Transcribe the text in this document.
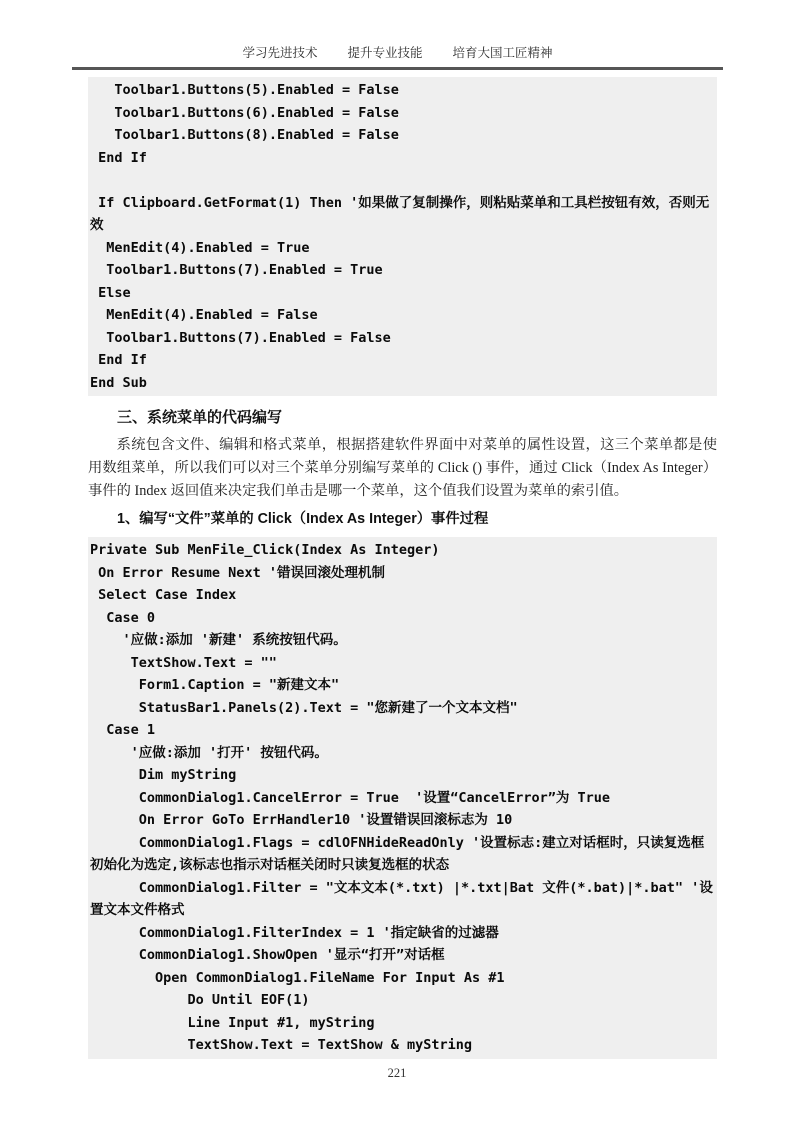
学习先进技术 提升专业技能 培育大国工匠精神
Toolbar1.Buttons(5).Enabled = False
Toolbar1.Buttons(6).Enabled = False
Toolbar1.Buttons(8).Enabled = False
End If
If Clipboard.GetFormat(1) Then '如果做了复制操作，则粘贴菜单和工具栏按钮有效，否则无效
MenEdit(4).Enabled = True
Toolbar1.Buttons(7).Enabled = True
Else
MenEdit(4).Enabled = False
Toolbar1.Buttons(7).Enabled = False
End If
End Sub
三、系统菜单的代码编写

系统包含文件、编辑和格式菜单，根据搭建软件界面中对菜单的属性设置，这三个菜单都是使用数组菜单，所以我们可以对三个菜单分别编写菜单的 Click () 事件，通过 Click（Index As Integer）事件的 Index 返回值来决定我们单击是哪一个菜单，这个值我们设置为菜单的索引值。

1、编写“文件”菜单的 Click（Index As Integer）事件过程
Private Sub MenFile_Click(Index As Integer)
On Error Resume Next '错误回滚处理机制
Select Case Index
Case 0
'应做:添加 '新建' 系统按钮代码。
TextShow.Text = ""
Form1.Caption = "新建文本"
StatusBar1.Panels(2).Text = "您新建了一个文本文档"
Case 1
'应做:添加 '打开' 按钮代码。
Dim myString
CommonDialog1.CancelError = True  '设置“CancelError”为 True
On Error GoTo ErrHandler10 '设置错误回滚标志为 10
CommonDialog1.Flags = cdlOFNHideReadOnly '设置标志:建立对话框时，只读复选框初始化为选定,该标志也指示对话框关闭时只读复选框的状态
CommonDialog1.Filter = "文本文本(*.txt) |*.txt|Bat 文件(*.bat)|*.bat" '设置文本文件格式
CommonDialog1.FilterIndex = 1 '指定缺省的过滤器
CommonDialog1.ShowOpen '显示“打开”对话框
Open CommonDialog1.FileName For Input As #1
Do Until EOF(1)
Line Input #1, myString
TextShow.Text = TextShow & myString
221
